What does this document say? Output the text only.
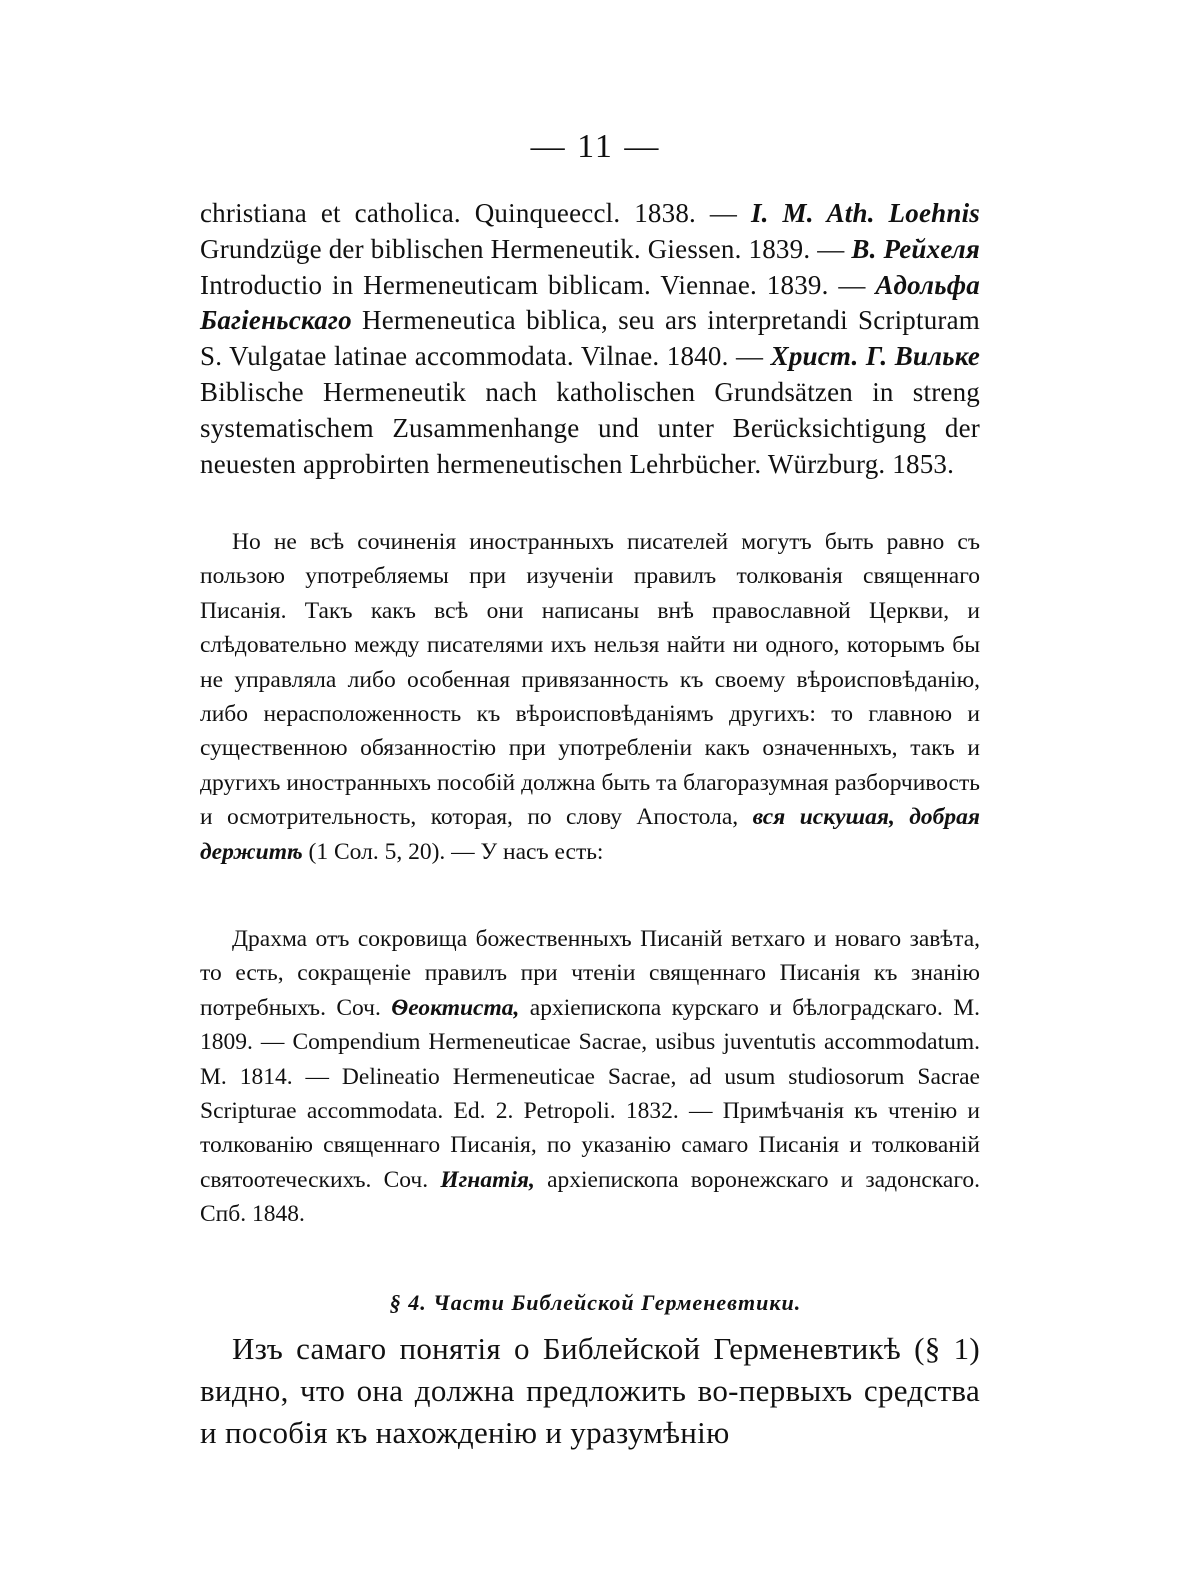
— 11 —

christiana et catholica. Quinqueeccl. 1838. — I. M. Ath. Loehnis Grundzüge der biblischen Hermeneutik. Giessen. 1839. — B. Рейхеля Introductio in Hermeneuticam biblicam. Viennae. 1839. — Адольфа Багіеньскаго Hermeneutica biblica, seu ars interpretandi Scripturam S. Vulgatae latinae accommodata. Vilnae. 1840. — Христ. Г. Вильке Biblische Hermeneutik nach katholischen Grundsätzen in streng systematischem Zusammenhange und unter Berücksichtigung der neuesten approbirten hermeneutischen Lehrbücher. Würzburg. 1853.

Но не всѣ сочиненія иностранныхъ писателей могутъ быть равно съ пользою употребляемы при изученіи правилъ толкованія священнаго Писанія. Такъ какъ всѣ они написаны внѣ православной Церкви, и слѣдовательно между писателями ихъ нельзя найти ни одного, которымъ бы не управляла либо особенная привязанность къ своему вѣроисповѣданію, либо нерасположенность къ вѣроисповѣданіямъ другихъ: то главною и существенною обязанностію при употребленіи какъ означенныхъ, такъ и другихъ иностранныхъ пособій должна быть та благоразумная разборчивость и осмотрительность, которая, по слову Апостола, вся искушая, добрая держитѣ (1 Сол. 5, 20). — У насъ есть:

Драхма отъ сокровища божественныхъ Писаній ветхаго и новаго завѣта, то есть, сокращеніе правилъ при чтеніи священнаго Писанія къ знанію потребныхъ. Соч. Ѳеоктиста, архіепископа курскаго и бѣлоградскаго. М. 1809. — Compendium Hermeneuticae Sacrae, usibus juventutis accommodatum. M. 1814. — Delineatio Hermeneuticae Sacrae, ad usum studiosorum Sacrae Scripturae accommodata. Ed. 2. Petropoli. 1832. — Примѣчанія къ чтенію и толкованію священнаго Писанія, по указанію самаго Писанія и толкованій святоотеческихъ. Соч. Игнатія, архіепископа воронежскаго и задонскаго. Спб. 1848.

§ 4. Части Библейской Герменевтики.

Изъ самаго понятія о Библейской Герменевтикѣ (§ 1) видно, что она должна предложить во-первыхъ средства и пособія къ нахожденію и уразумѣнію
